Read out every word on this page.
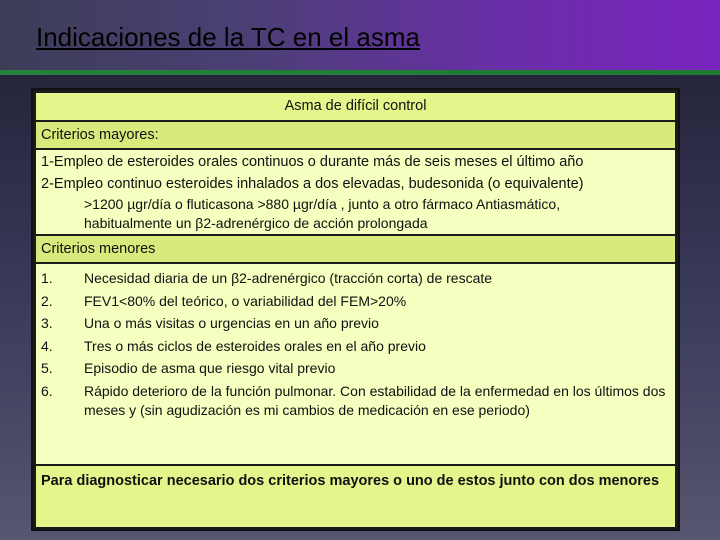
Indicaciones de la TC en el asma
Asma de difícil control
Criterios mayores:
1-Empleo de esteroides orales continuos o durante más de seis meses el último año
2-Empleo continuo esteroides inhalados a dos elevadas, budesonida (o equivalente)
>1200 µgr/día o fluticasona >880 µgr/día , junto a otro fármaco Antiasmático,
habitualmente un β2-adrenérgico de acción prolongada
Criterios menores
1.	Necesidad diaria de un β2-adrenérgico (tracción corta) de rescate
2.	FEV1<80% del teórico, o variabilidad del FEM>20%
3.	Una o más visitas o urgencias en un año previo
4.	Tres o más ciclos de esteroides orales en el año previo
5.	Episodio de asma que riesgo vital previo
6.	Rápido deterioro de la función pulmonar. Con estabilidad de la enfermedad en los últimos dos meses y (sin agudización es mi cambios de medicación en ese periodo)
Para diagnosticar necesario dos criterios mayores o uno de estos junto con dos menores
